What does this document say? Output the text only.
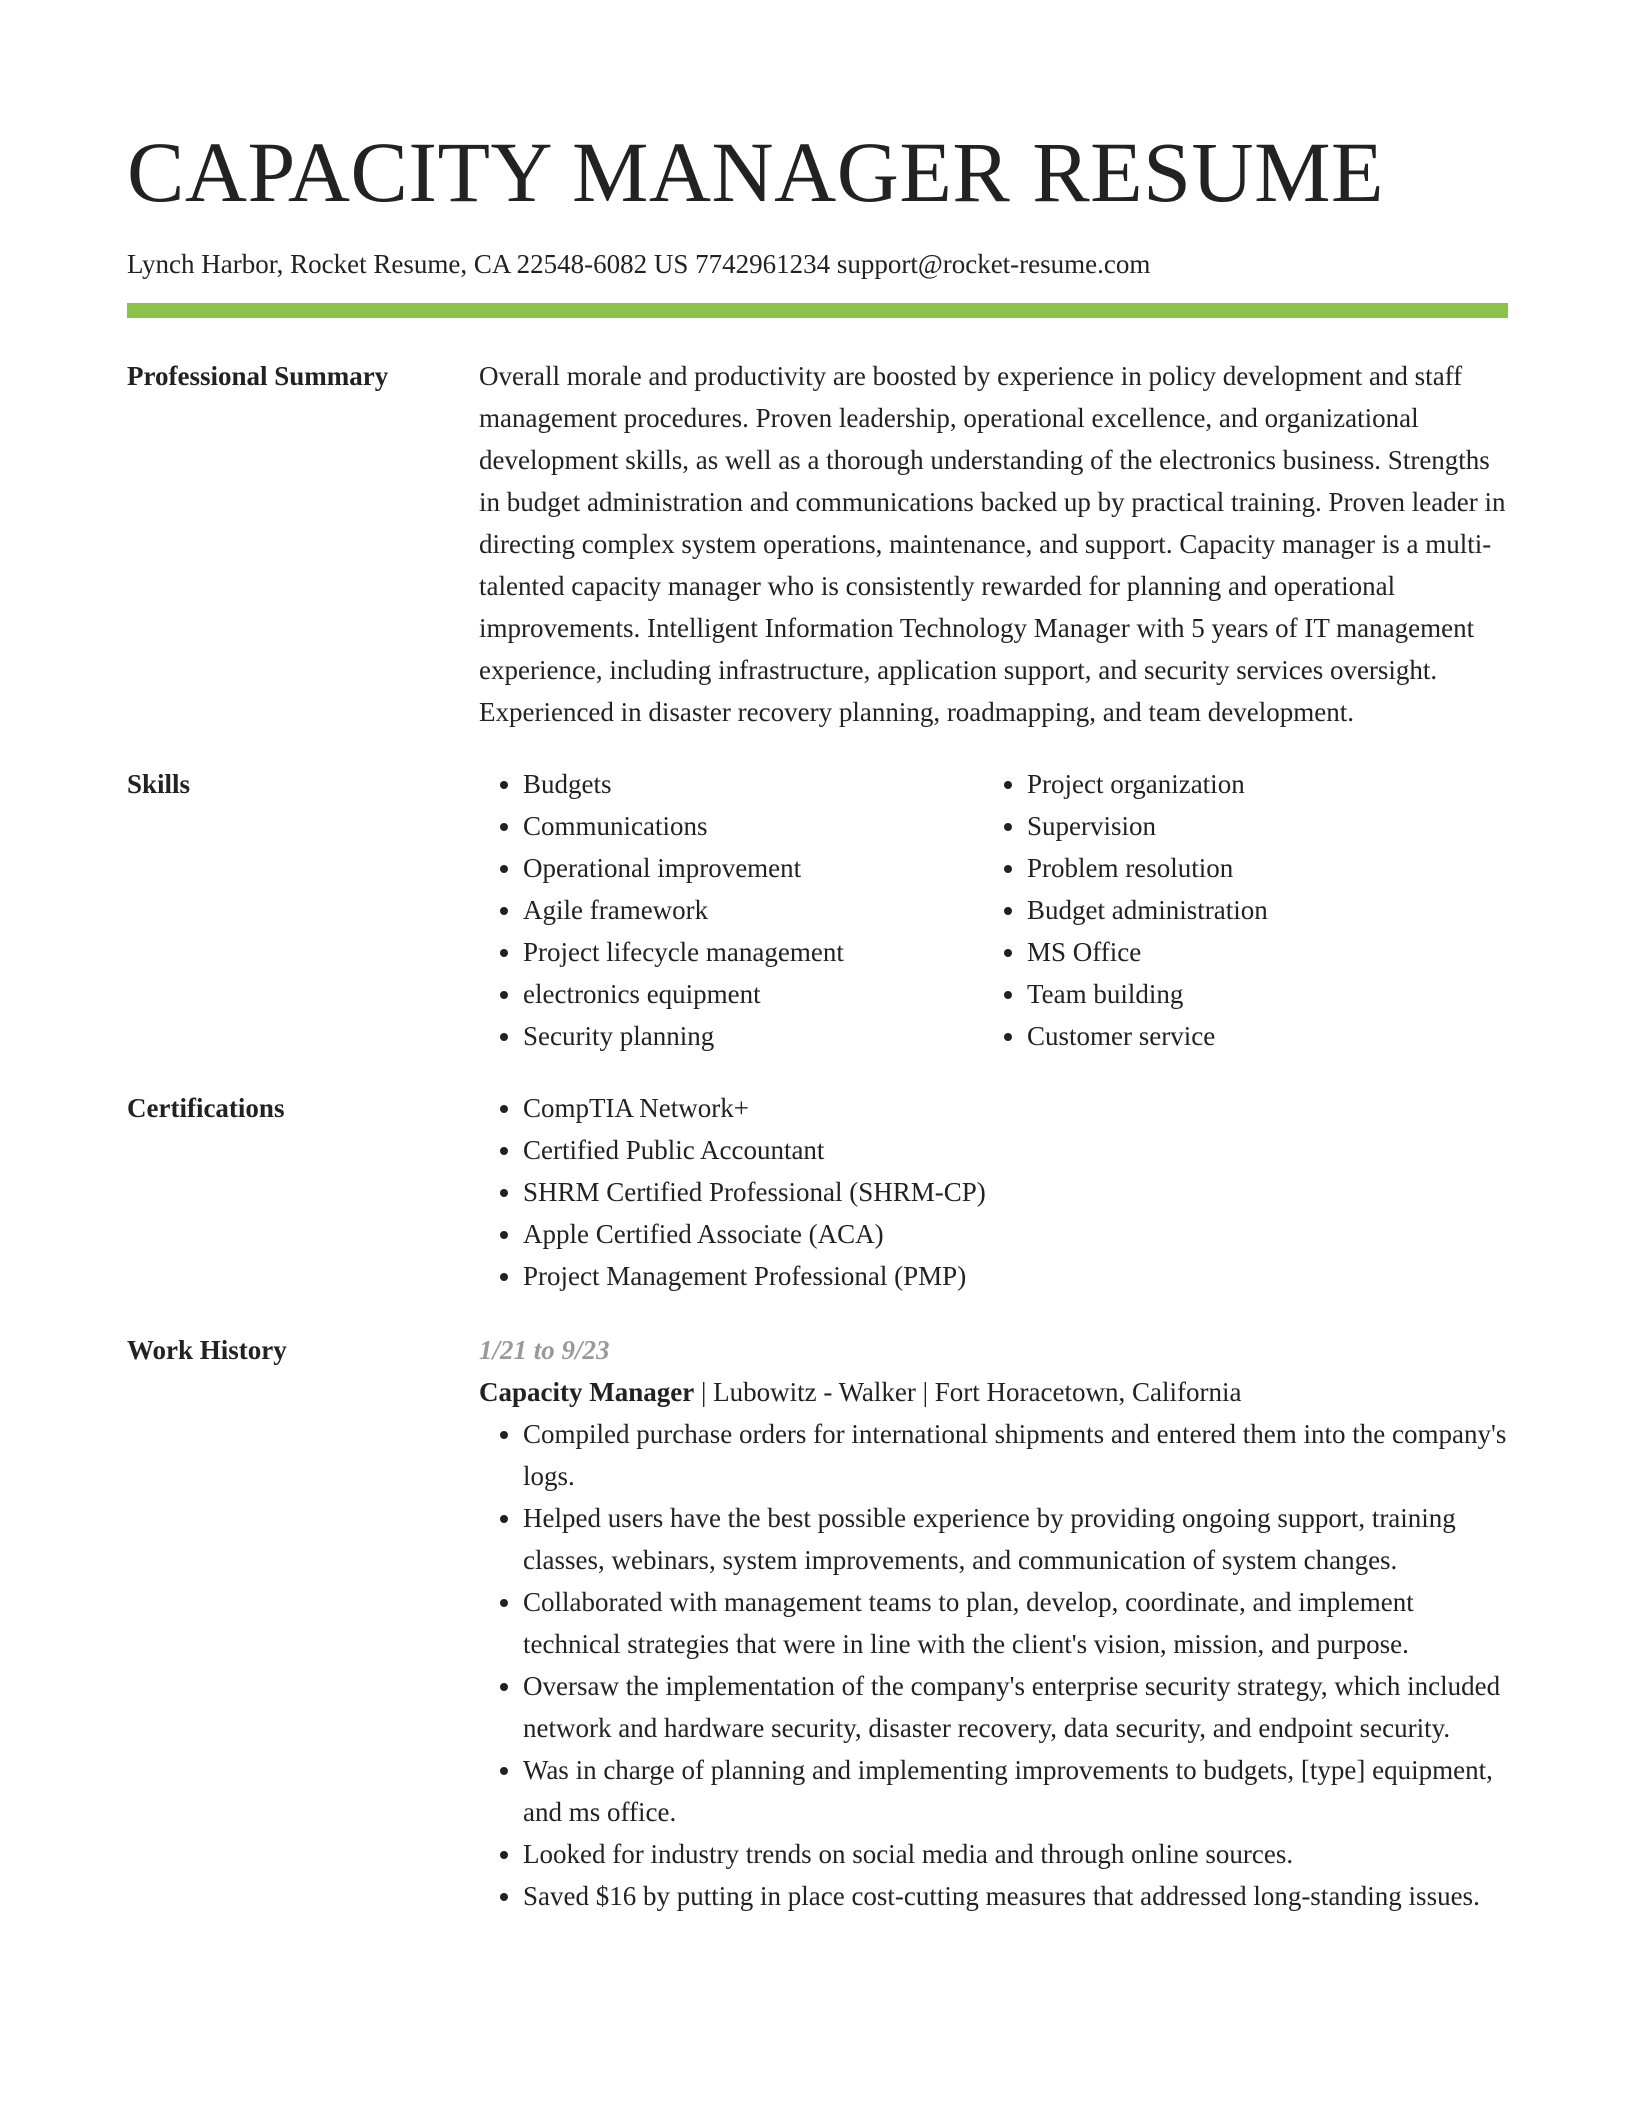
CAPACITY MANAGER RESUME
Lynch Harbor, Rocket Resume, CA 22548-6082 US 7742961234 support@rocket-resume.com
Professional Summary	Overall morale and productivity are boosted by experience in policy development and staff management procedures. Proven leadership, operational excellence, and organizational development skills, as well as a thorough understanding of the electronics business. Strengths in budget administration and communications backed up by practical training. Proven leader in directing complex system operations, maintenance, and support. Capacity manager is a multi-talented capacity manager who is consistently rewarded for planning and operational improvements. Intelligent Information Technology Manager with 5 years of IT management experience, including infrastructure, application support, and security services oversight. Experienced in disaster recovery planning, roadmapping, and team development.

Skills	• Budgets
• Communications
• Operational improvement
• Agile framework
• Project lifecycle management
• electronics equipment
• Security planning
• Project organization
• Supervision
• Problem resolution
• Budget administration
• MS Office
• Team building
• Customer service
Certifications	• CompTIA Network+
• Certified Public Accountant
• SHRM Certified Professional (SHRM-CP)
• Apple Certified Associate (ACA)
• Project Management Professional (PMP)
Work History	1/21 to 9/23
Capacity Manager | Lubowitz - Walker | Fort Horacetown, California
• Compiled purchase orders for international shipments and entered them into the company's logs.
• Helped users have the best possible experience by providing ongoing support, training classes, webinars, system improvements, and communication of system changes.
• Collaborated with management teams to plan, develop, coordinate, and implement technical strategies that were in line with the client's vision, mission, and purpose.
• Oversaw the implementation of the company's enterprise security strategy, which included network and hardware security, disaster recovery, data security, and endpoint security.
• Was in charge of planning and implementing improvements to budgets, [type] equipment, and ms office.
• Looked for industry trends on social media and through online sources.
• Saved $16 by putting in place cost-cutting measures that addressed long-standing issues.
